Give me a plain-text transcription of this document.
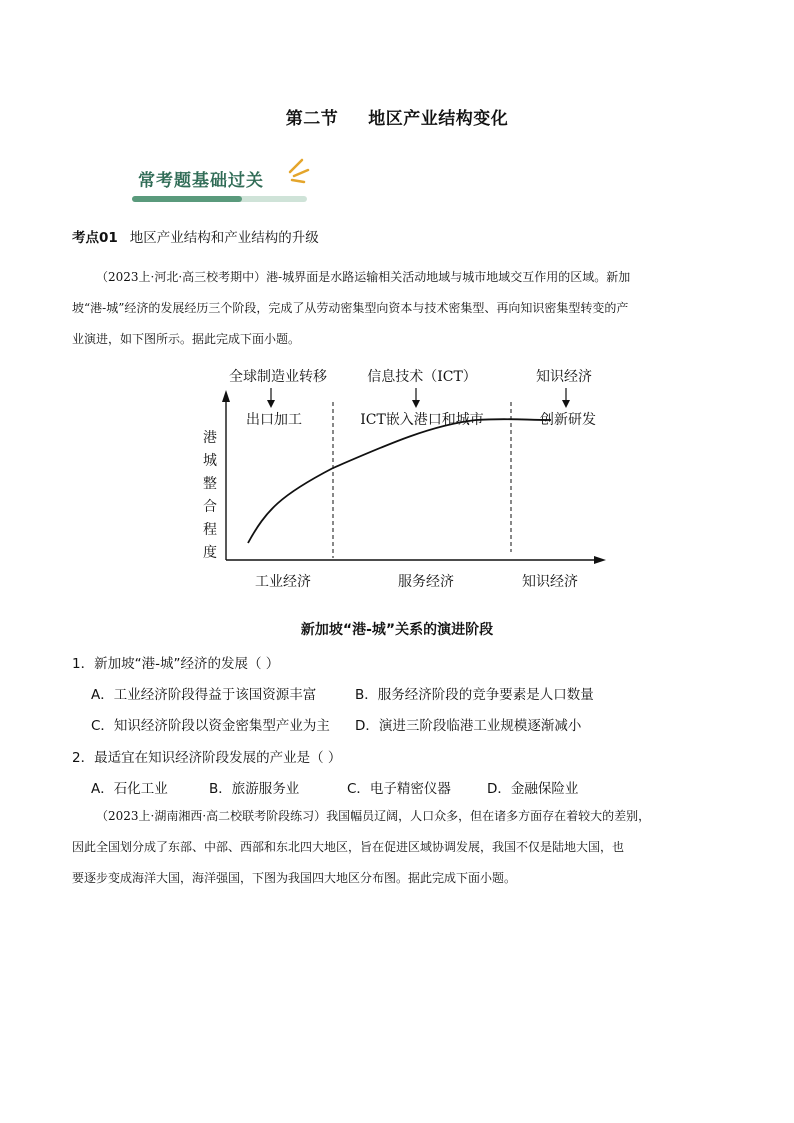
第二节 地区产业结构变化
常考题基础过关
考点01 地区产业结构和产业结构的升级
（2023上·河北·高三校考期中）港-城界面是水路运输相关活动地域与城市地域交互作用的区域。新加
坡“港-城”经济的发展经历三个阶段，完成了从劳动密集型向资本与技术密集型、再向知识密集型转变的产
业演进，如下图所示。据此完成下面小题。
全球制造业转移	信息技术（ICT）	知识经济
出口加工	ICT嵌入港口和城市	创新研发
港城整合程度
工业经济	服务经济	知识经济
新加坡“港-城”关系的演进阶段
1．新加坡“港-城”经济的发展（ ）
A．工业经济阶段得益于该国资源丰富	B．服务经济阶段的竞争要素是人口数量
C．知识经济阶段以资金密集型产业为主 D．演进三阶段临港工业规模逐渐减小
2．最适宜在知识经济阶段发展的产业是（ ）
A．石化工业	B．旅游服务业	C．电子精密仪器	D．金融保险业
（2023上·湖南湘西·高二校联考阶段练习）我国幅员辽阔，人口众多，但在诸多方面存在着较大的差别，
因此全国划分成了东部、中部、西部和东北四大地区，旨在促进区域协调发展，我国不仅是陆地大国，也
要逐步变成海洋大国，海洋强国，下图为我国四大地区分布图。据此完成下面小题。
